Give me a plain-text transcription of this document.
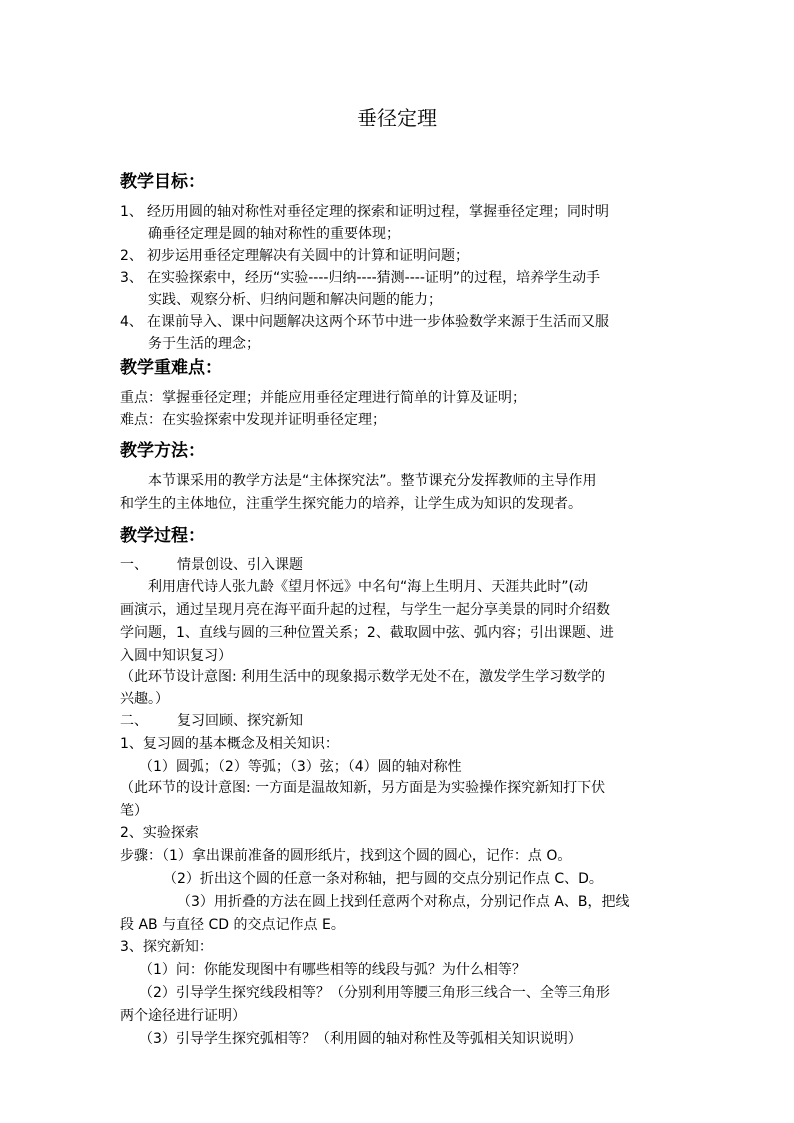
垂径定理
教学目标：
1、 经历用圆的轴对称性对垂径定理的探索和证明过程，掌握垂径定理；同时明
确垂径定理是圆的轴对称性的重要体现；
2、 初步运用垂径定理解决有关圆中的计算和证明问题；
3、 在实验探索中，经历“实验----归纳----猜测----证明”的过程，培养学生动手
实践、观察分析、归纳问题和解决问题的能力；
4、 在课前导入、课中问题解决这两个环节中进一步体验数学来源于生活而又服
务于生活的理念；
教学重难点：
重点：掌握垂径定理；并能应用垂径定理进行简单的计算及证明；
难点：在实验探索中发现并证明垂径定理；
教学方法：
本节课采用的教学方法是“主体探究法”。整节课充分发挥教师的主导作用
和学生的主体地位，注重学生探究能力的培养，让学生成为知识的发现者。
教学过程：
一、 情景创设、引入课题
利用唐代诗人张九龄《望月怀远》中名句“海上生明月、天涯共此时”(动
画演示，通过呈现月亮在海平面升起的过程，与学生一起分享美景的同时介绍数
学问题，1、直线与圆的三种位置关系；2、截取圆中弦、弧内容；引出课题、进
入圆中知识复习）
（此环节设计意图: 利用生活中的现象揭示数学无处不在，激发学生学习数学的
兴趣。）
二、 复习回顾、探究新知
1、复习圆的基本概念及相关知识：
（1）圆弧；（2）等弧；（3）弦；（4）圆的轴对称性
（此环节的设计意图: 一方面是温故知新，另方面是为实验操作探究新知打下伏
笔）
2、实验探索
步骤：（1）拿出课前准备的圆形纸片，找到这个圆的圆心，记作：点 O。
（2）折出这个圆的任意一条对称轴，把与圆的交点分别记作点 C、D。
（3）用折叠的方法在圆上找到任意两个对称点，分别记作点 A、B，把线
段 AB 与直径 CD 的交点记作点 E。
3、探究新知：
（1）问：你能发现图中有哪些相等的线段与弧？为什么相等？
（2）引导学生探究线段相等？（分别利用等腰三角形三线合一、全等三角形
两个途径进行证明）
（3）引导学生探究弧相等？（利用圆的轴对称性及等弧相关知识说明）
